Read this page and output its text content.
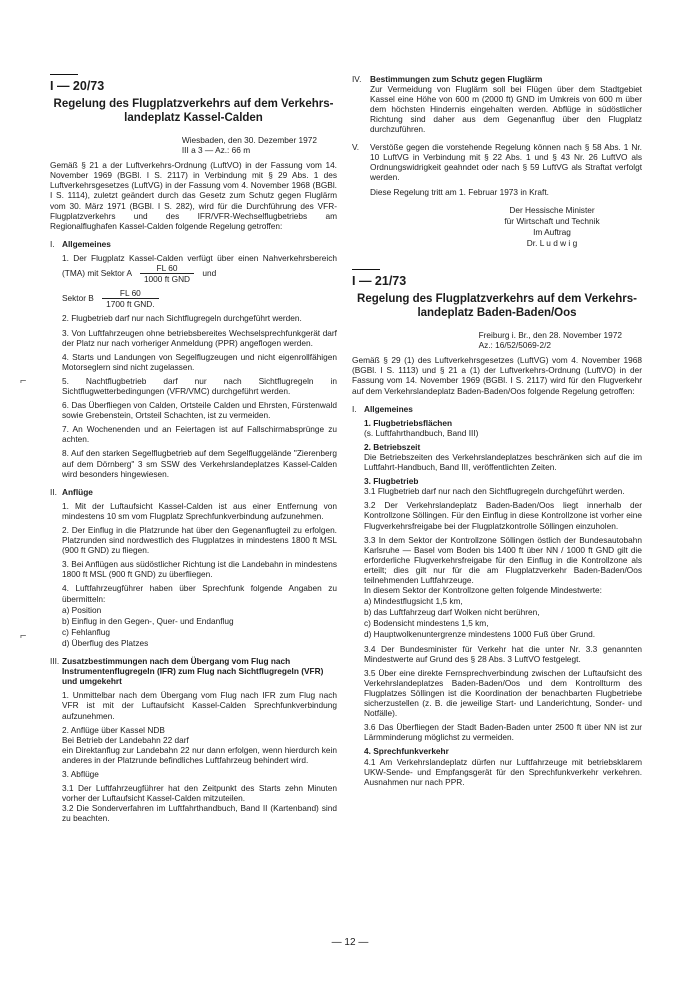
I — 20/73

Regelung des Flugplatzverkehrs auf dem Verkehrs-landeplatz Kassel-Calden

Wiesbaden, den 30. Dezember 1972

III a 3 — Az.: 66 m

Gemäß § 21 a der Luftverkehrs-Ordnung (LuftVO) in der Fassung vom 14. November 1969 (BGBl. I S. 2117) in Verbindung mit § 29 Abs. 1 des Luftverkehrsgesetzes (LuftVG) in der Fassung vom 4. November 1968 (BGBl. I S. 1114), zuletzt geändert durch das Gesetz zum Schutz gegen Fluglärm vom 30. März 1971 (BGBl. I S. 282), wird für die Durchführung des VFR-Flugplatzverkehrs und des IFR/VFR-Wechselflugbetriebs am Regionalflughafen Kassel-Calden folgende Regelung getroffen:

I. Allgemeines

1. Der Flugplatz Kassel-Calden verfügt über einen Nahverkehrsbereich (TMA) mit Sektor A $\frac{FL 60}{\text{1000 ft GND}}$ und

Sektor B $\frac{FL 60}{\text{1700 ft GND.}}$

2. Flugbetrieb darf nur nach Sichtflugregeln durchgeführt werden.

3. Von Luftfahrzeugen ohne betriebsbereites Wechselsprechfunkgerät darf der Platz nur nach vorheriger Anmeldung (PPR) angeflogen werden.

4. Starts und Landungen von Segelflugzeugen und nicht eigenrollfähigen Motorseglern sind nicht zugelassen.

5. Nachtflugbetrieb darf nur nach Sichtflugregeln in Sichtflugwetterbedingungen (VFR/VMC) durchgeführt werden.

6. Das Überfliegen von Calden, Ortsteile Calden und Ehrsten, Fürstenwald sowie Grebenstein, Ortsteil Schachten, ist zu vermeiden.

7. An Wochenenden und an Feiertagen ist auf Fallschirmabsprünge zu achten.

8. Auf den starken Segelflugbetrieb auf dem Segelfluggelände "Zierenberg auf dem Dörnberg" 3 sm SSW des Verkehrslandeplatzes Kassel-Calden wird besonders hingewiesen.

II. Anflüge

1. Mit der Luftaufsicht Kassel-Calden ist aus einer Entfernung von mindestens 10 sm vom Flugplatz Sprechfunkverbindung aufzunehmen.

2. Der Einflug in die Platzrunde hat über den Gegenanflugteil zu erfolgen. Platzrunden sind nordwestlich des Flugplatzes in mindestens 1800 ft MSL (900 ft GND) zu fliegen.

3. Bei Anflügen aus südöstlicher Richtung ist die Landebahn in mindestens 1800 ft MSL (900 ft GND) zu überfliegen.

4. Luftfahrzeugführer haben über Sprechfunk folgende Angaben zu übermitteln:

a) Position

b) Einflug in den Gegen-, Quer- und Endanflug

c) Fehlanflug

d) Überflug des Platzes

III. Zusatzbestimmungen nach dem Übergang vom Flug nach Instrumentenflugregeln (IFR) zum Flug nach Sichtflugregeln (VFR) und umgekehrt

1. Unmittelbar nach dem Übergang vom Flug nach IFR zum Flug nach VFR ist mit der Luftaufsicht Kassel-Calden Sprechfunkverbindung aufzunehmen.

2. Anflüge über Kassel NDB

Bei Betrieb der Landebahn 22 darf

ein Direktanflug zur Landebahn 22 nur dann erfolgen, wenn hierdurch kein anderes in der Platzrunde befindliches Luftfahrzeug behindert wird.

3. Abflüge

3.1 Der Luftfahrzeugführer hat den Zeitpunkt des Starts zehn Minuten vorher der Luftaufsicht Kassel-Calden mitzuteilen.

3.2 Die Sonderverfahren im Luftfahrthandbuch, Band II (Kartenband) sind zu beachten.

IV.	Bestimmungen zum Schutz gegen Fluglärm

Zur Vermeidung von Fluglärm soll bei Flügen über dem Stadtgebiet Kassel eine Höhe von 600 m (2000 ft) GND im Umkreis von 600 m über dem höchsten Hindernis eingehalten werden. Abflüge in südöstlicher Richtung sind daher aus dem Gegenanflug über den Flugplatz durchzuführen.

V.	Verstöße gegen die vorstehende Regelung können nach § 58 Abs. 1 Nr. 10 LuftVG in Verbindung mit § 22 Abs. 1 und § 43 Nr. 26 LuftVO als Ordnungswidrigkeit geahndet oder nach § 59 LuftVG als Straftat verfolgt werden.

Diese Regelung tritt am 1. Februar 1973 in Kraft.

Der Hessische Minister

für Wirtschaft und Technik

Im Auftrag

Dr. L u d w i g

I — 21/73

Regelung des Flugplatzverkehrs auf dem Verkehrs-landeplatz Baden-Baden/Oos

Freiburg i. Br., den 28. November 1972

Az.: 16/52/5069-2/2

Gemäß § 29 (1) des Luftverkehrsgesetzes (LuftVG) vom 4. November 1968 (BGBl. I S. 1113) und § 21 a (1) der Luftverkehrs-Ordnung (LuftVO) in der Fassung vom 14. November 1969 (BGBl. I S. 2117) wird für den Flugverkehr auf dem Verkehrslandeplatz Baden-Baden/Oos folgende Regelung getroffen:

I. Allgemeines

1. Flugbetriebsflächen

(s. Luftfahrthandbuch, Band III)

2. Betriebszeit

Die Betriebszeiten des Verkehrslandeplatzes beschränken sich auf die im Luftfahrt-Handbuch, Band III, veröffentlichten Zeiten.

3. Flugbetrieb

3.1 Flugbetrieb darf nur nach den Sichtflugregeln durchgeführt werden.

3.2 Der Verkehrslandeplatz Baden-Baden/Oos liegt innerhalb der Kontrollzone Söllingen. Für den Einflug in diese Kontrollzone ist vorher eine Flugverkehrsfreigabe bei der Flugplatzkontrolle Söllingen einzuholen.

3.3 In dem Sektor der Kontrollzone Söllingen östlich der Bundesautobahn Karlsruhe — Basel vom Boden bis 1400 ft über NN / 1000 ft GND gilt die erforderliche Flugverkehrsfreigabe für den Einflug in die Kontrollzone als erteilt; dies gilt nur für die am Flugplatzverkehr Baden-Baden/Oos teilnehmenden Luftfahrzeuge.

In diesem Sektor der Kontrollzone gelten folgende Mindestwerte:

a) Mindestflugsicht 1,5 km,

b) das Luftfahrzeug darf Wolken nicht berühren,

c) Bodensicht mindestens 1,5 km,

d) Hauptwolkenuntergrenze mindestens 1000 Fuß über Grund.

3.4 Der Bundesminister für Verkehr hat die unter Nr. 3.3 genannten Mindestwerte auf Grund des § 28 Abs. 3 LuftVO festgelegt.

3.5 Über eine direkte Fernsprechverbindung zwischen der Luftaufsicht des Verkehrslandeplatzes Baden-Baden/Oos und dem Kontrollturm des Flugplatzes Söllingen ist die Koordination der benachbarten Flugbetriebe sicherzustellen (z. B. die jeweilige Start- und Landerichtung, Sonder- und Notfälle).

3.6 Das Überfliegen der Stadt Baden-Baden unter 2500 ft über NN ist zur Lärmminderung möglichst zu vermeiden.

4. Sprechfunkverkehr

4.1 Am Verkehrslandeplatz dürfen nur Luftfahrzeuge mit betriebsklarem UKW-Sende- und Empfangsgerät für den Sprechfunkverkehr verkehren. Ausnahmen nur nach PPR.

⌐
⌐
— 12 —
